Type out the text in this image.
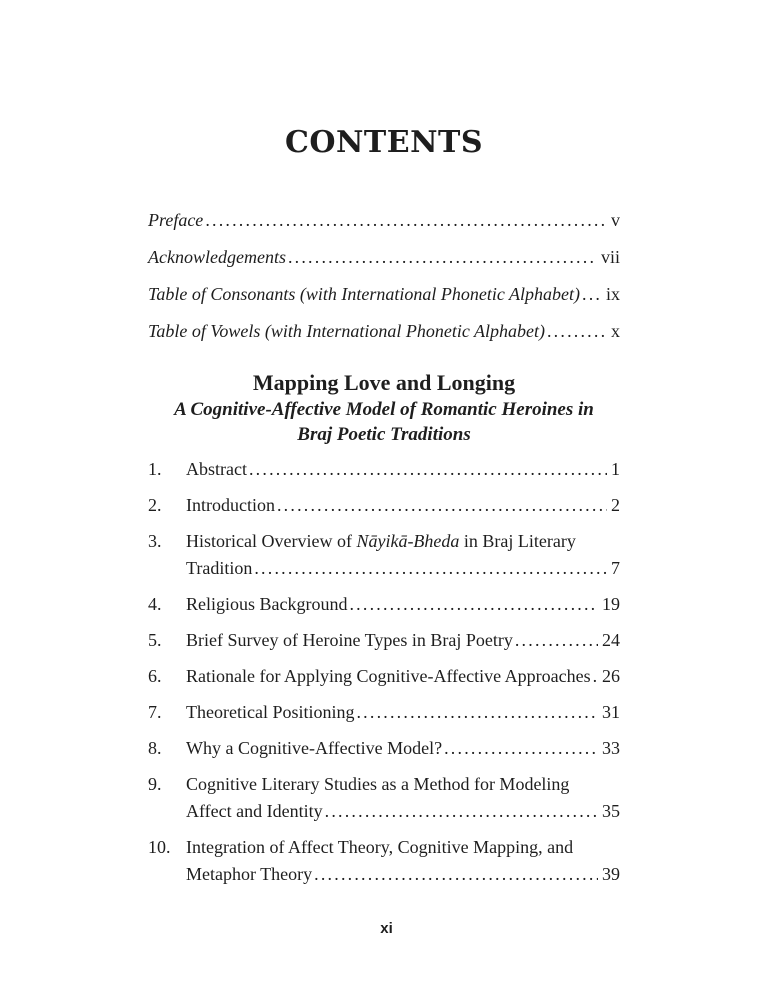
CONTENTS
Preface .....	v
Acknowledgements .....	vii
Table of Consonants (with International Phonetic Alphabet) ..... ix
Table of Vowels (with International Phonetic Alphabet) .....	x
Mapping Love and Longing
A Cognitive-Affective Model of Romantic Heroines in
Braj Poetic Traditions
1.	Abstract .....	1
2.	Introduction .....	2
3.	Historical Overview of Nāyikā-Bheda in Braj Literary
Tradition .....	7
4.	Religious Background .....	19
5.	Brief Survey of Heroine Types in Braj Poetry .....	24
6.	Rationale for Applying Cognitive-Affective Approaches ..... 26
7.	Theoretical Positioning .....	31
8.	Why a Cognitive-Affective Model? .....	33
9.	Cognitive Literary Studies as a Method for Modeling
Affect and Identity .....	35
10. Integration of Affect Theory, Cognitive Mapping, and
Metaphor Theory .....	39
xi
